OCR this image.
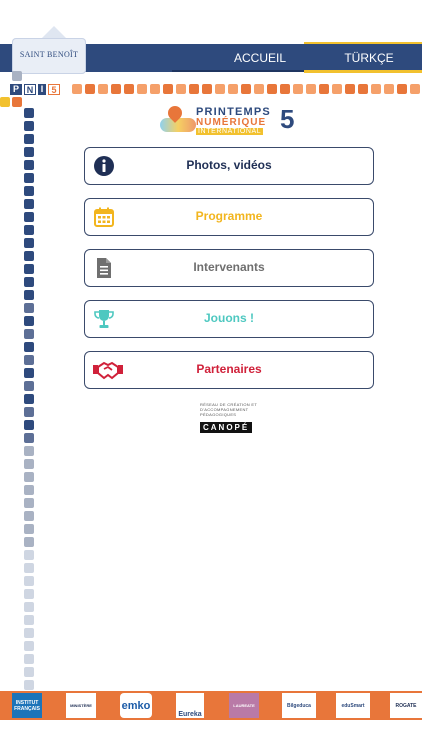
SAINT BENOÎT	ACCUEIL	TÜRKÇE
P N I 5
PRINTEMPS
NUMÉRIQUE
INTERNATIONAL 5
Photos, vidéos
Programme
Intervenants
Jouons !
Partenaires
RÉSEAU DE CRÉATION ET D'ACCOMPAGNEMENT PÉDAGOGIQUES
CANOPÉ
INSTITUT FRANÇAIS	MINISTÈRE	emko
Eureka
LAUREATE	Bilgeduca	eduSmart	ROGATE
